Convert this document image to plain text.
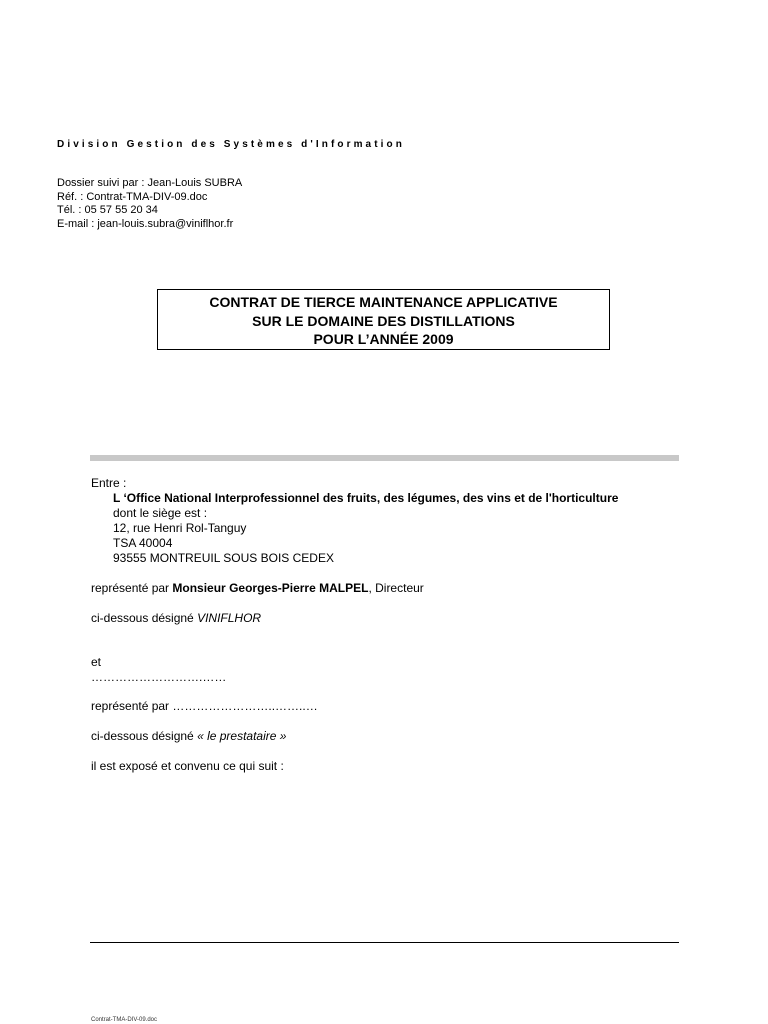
Division Gestion des Systèmes d'Information
Dossier suivi par : Jean-Louis SUBRA
Réf. : Contrat-TMA-DIV-09.doc
Tél. : 05 57 55 20 34
E-mail : jean-louis.subra@viniflhor.fr
CONTRAT DE TIERCE MAINTENANCE APPLICATIVE
SUR LE DOMAINE DES DISTILLATIONS
POUR L’ANNÉE 2009
Entre :
L ‘Office National Interprofessionnel des fruits, des légumes, des vins et de l'horticulture
dont le siège est :
12, rue Henri Rol-Tanguy
TSA 40004
93555 MONTREUIL SOUS BOIS CEDEX
représenté par Monsieur Georges-Pierre MALPEL, Directeur
ci-dessous désigné VINIFLHOR
et
……………………….……
représenté par ……………………..……..…
ci-dessous désigné « le prestataire »
il est exposé et convenu ce qui suit :
Contrat-TMA-DIV-09.doc
